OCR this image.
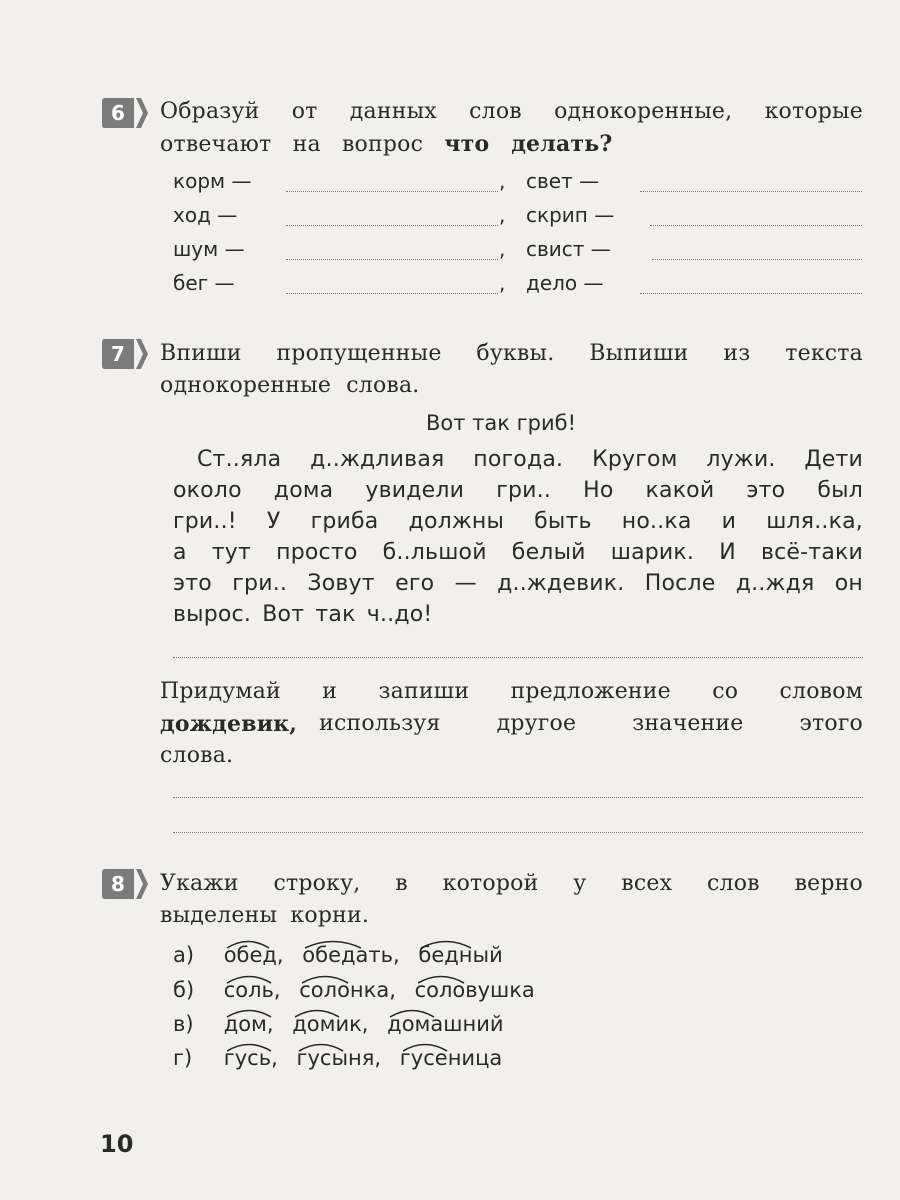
6	Образуй от данных слов однокоренные, которые
отвечают на вопрос что делать?
корм —	, свет —
ход —	, скрип —
шум —	, свист —
бег —	, дело —
7	Впиши пропущенные буквы. Выпиши из текста
однокоренные слова.
Вот так гриб!
Ст..яла д..ждливая погода. Кругом лужи. Дети
около дома увидели гри.. Но какой это был
гри..! У гриба должны быть но..ка и шля..ка,
а тут просто б..льшой белый шарик. И всё-таки
это гри.. Зовут его — д..ждевик. После д..ждя он
вырос. Вот так ч..до!
Придумай и запиши предложение со словом
дождевик, используя другое значение этого
слова.
8	Укажи строку, в которой у всех слов верно
выделены корни.
а) обед, обедать, бедный
б) соль, солонка, соловушка
в) дом, домик, домашний
г) гусь, гусыня, гусеница
10
